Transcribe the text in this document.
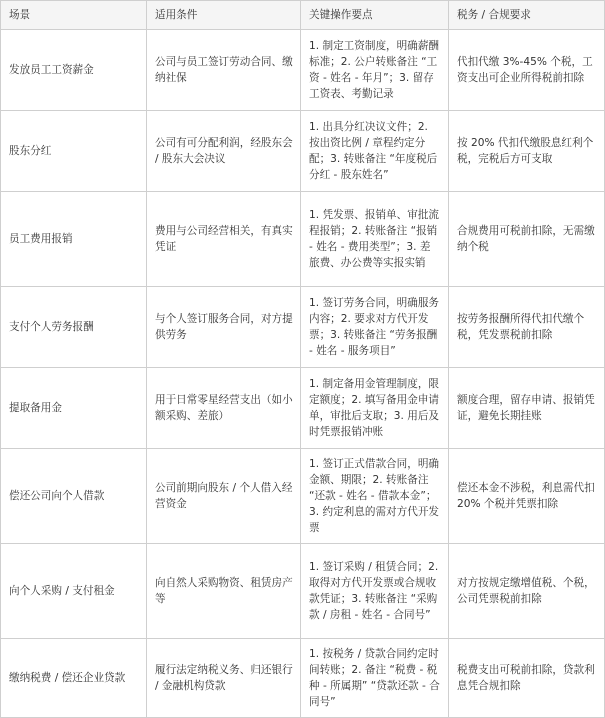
场景	适用条件	关键操作要点	税务 / 合规要求
发放员工工资薪金	公司与员工签订劳动合同、缴纳社保	1. 制定工资制度，明确薪酬标准；2. 公户转账备注 “工资 - 姓名 - 年月”；3. 留存工资表、考勤记录	代扣代缴 3%-45% 个税，工资支出可企业所得税前扣除
股东分红	公司有可分配利润，经股东会 / 股东大会决议	1. 出具分红决议文件；2. 按出资比例 / 章程约定分配；3. 转账备注 “年度税后分红 - 股东姓名”	按 20% 代扣代缴股息红利个税，完税后方可支取
员工费用报销	费用与公司经营相关，有真实凭证	1. 凭发票、报销单、审批流程报销；2. 转账备注 “报销 - 姓名 - 费用类型”；3. 差旅费、办公费等实报实销	合规费用可税前扣除，无需缴纳个税
支付个人劳务报酬	与个人签订服务合同，对方提供劳务	1. 签订劳务合同，明确服务内容；2. 要求对方代开发票；3. 转账备注 “劳务报酬 - 姓名 - 服务项目”	按劳务报酬所得代扣代缴个税，凭发票税前扣除
提取备用金	用于日常零星经营支出（如小额采购、差旅）	1. 制定备用金管理制度，限定额度；2. 填写备用金申请单，审批后支取；3. 用后及时凭票报销冲账	额度合理，留存申请、报销凭证，避免长期挂账
偿还公司向个人借款	公司前期向股东 / 个人借入经营资金	1. 签订正式借款合同，明确金额、期限；2. 转账备注 “还款 - 姓名 - 借款本金”；3. 约定利息的需对方代开发票	偿还本金不涉税，利息需代扣 20% 个税并凭票扣除
向个人采购 / 支付租金	向自然人采购物资、租赁房产等	1. 签订采购 / 租赁合同；2. 取得对方代开发票或合规收款凭证；3. 转账备注 “采购款 / 房租 - 姓名 - 合同号”	对方按规定缴增值税、个税，公司凭票税前扣除
缴纳税费 / 偿还企业贷款	履行法定纳税义务、归还银行 / 金融机构贷款	1. 按税务 / 贷款合同约定时间转账；2. 备注 “税费 - 税种 - 所属期” “贷款还款 - 合同号”	税费支出可税前扣除，贷款利息凭合规扣除
